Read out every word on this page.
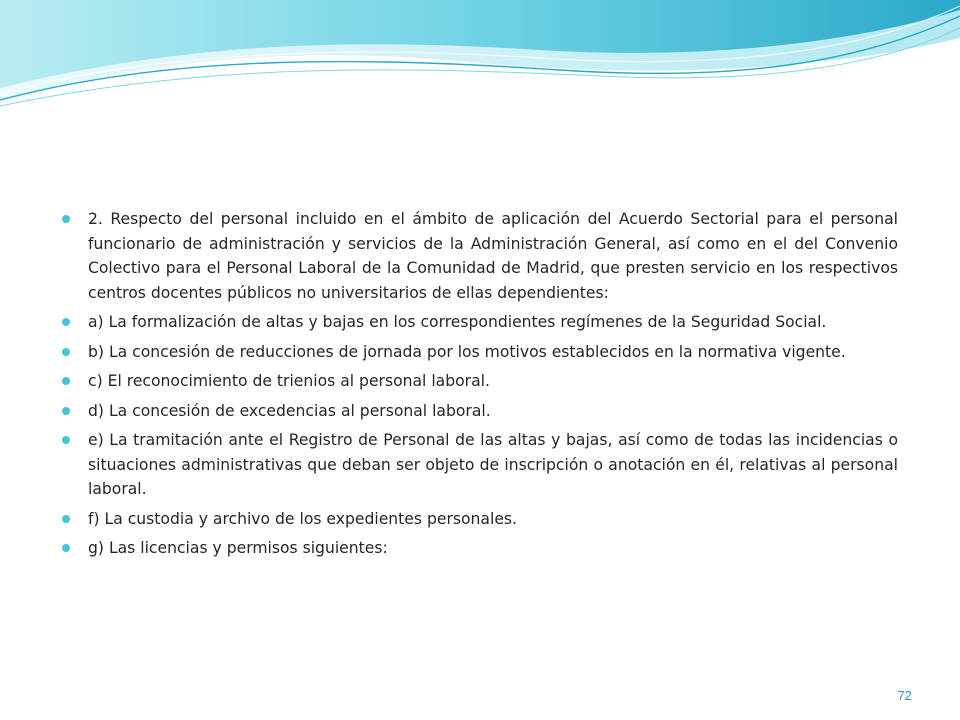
2. Respecto del personal incluido en el ámbito de aplicación del Acuerdo Sectorial para el personal funcionario de administración y servicios de la Administración General, así como en el del Convenio Colectivo para el Personal Laboral de la Comunidad de Madrid, que presten servicio en los respectivos centros docentes públicos no universitarios de ellas dependientes:
a) La formalización de altas y bajas en los correspondientes regímenes de la Seguridad Social.
b) La concesión de reducciones de jornada por los motivos establecidos en la normativa vigente.
c) El reconocimiento de trienios al personal laboral.
d) La concesión de excedencias al personal laboral.
e) La tramitación ante el Registro de Personal de las altas y bajas, así como de todas las incidencias o situaciones administrativas que deban ser objeto de inscripción o anotación en él, relativas al personal laboral.
f) La custodia y archivo de los expedientes personales.
g) Las licencias y permisos siguientes:
72
